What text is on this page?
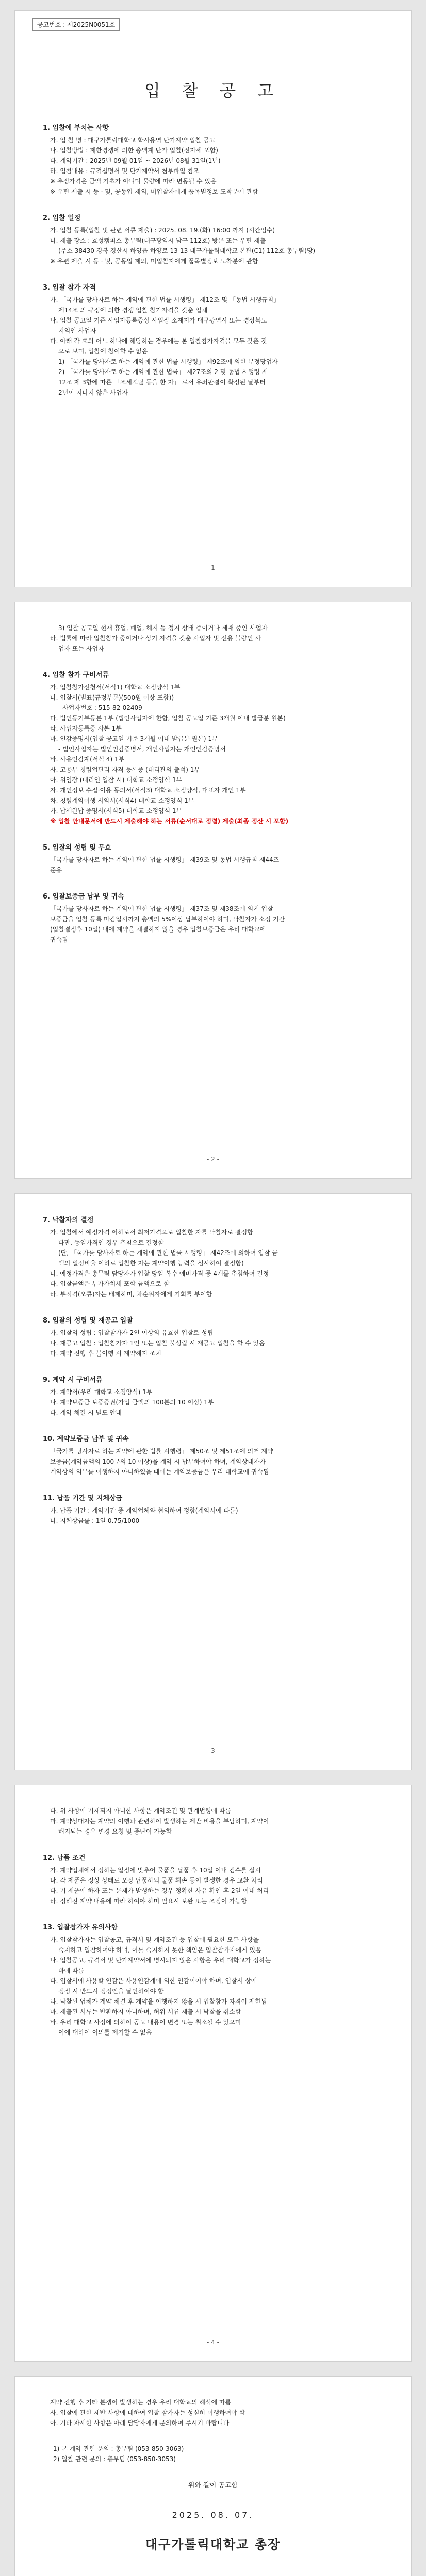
공고번호 : 제2025N0051호
입 찰 공 고
1. 입찰에 부치는 사항
가. 입 찰 명 : 대구가톨릭대학교 학사용역 단가계약 입찰 공고
나. 입찰방법 : 제한경쟁에 의한 총액계 단가 입찰(전자세 포함)
다. 계약기간 : 2025년 09월 01일 ~ 2026년 08월 31일(1년)
라. 입찰내용 : 규격설명서 및 단가계약서 첨부파일 참조
※ 추정가격은 금액 기초가 아니며 물량에 따라 변동될 수 있음
※ 우편 제출 시 등 · 및, 공동입 제외, 미입찰자에게 품목별정보 도착분에 관함
2. 입찰 일정
가. 입찰 등록(입찰 및 관련 서류 제출) : 2025. 08. 19.(화) 16:00 까지 (시간엄수)
나. 제출 장소 : 효성캠퍼스 총무팀(대구광역시 남구 112호) 방문 또는 우편 제출
(주소 38430 경북 경산시 하양읍 하양로 13-13 대구가톨릭대학교 본관(C1) 112호 총무팀(당)
※ 우편 제출 시 등 · 및, 공동입 제외, 미입찰자에게 품목별정보 도착분에 관함
3. 입찰 참가 자격
가. 「국가를 당사자로 하는 계약에 관한 법률 시행령」 제12조 및 「동법 시행규칙」
제14조 의 규정에 의한 경쟁 입찰 참가자격을 갖춘 업체
나. 입찰 공고일 기준 사업자등록증상 사업장 소재지가 대구광역시 또는 경상북도
지역인 사업자
다. 아래 각 호의 어느 하나에 해당하는 경우에는 본 입찰참가자격을 모두 갖춘 것
으로 보며, 입찰에 참여할 수 없음
1) 「국가를 당사자로 하는 계약에 관한 법률 시행령」 제92조에 의한 부정당업자
2) 「국가를 당사자로 하는 계약에 관한 법률」 제27조의 2 및 동법 시행령 제
12조 제 3항에 따른 「조세포탈 등을 한 자」 로서 유죄판결이 확정된 날부터
2년이 지나지 않은 사업자
- 1 -
3) 입찰 공고일 현재 휴업, 폐업, 해지 등 정지 상태 중이거나 제재 중인 사업자
라. 법률에 따라 입찰참가 중이거나 상기 자격을 갖춘 사업자 및 신용 불량인 사
업자 또는 사업자
4. 입찰 참가 구비서류
가. 입찰참가신청서(서식1) 대학교 소정양식 1부
나. 입찰서(별표(규정부문)(500원 이상 포함))
- 사업자번호 : 515-82-02409
다. 법인등기부등본 1부 (법인사업자에 한함, 입찰 공고일 기준 3개월 이내 발급분 원본)
라. 사업자등록증 사본 1부
마. 인감증명서(입찰 공고일 기준 3개월 이내 발급분 원본) 1부
- 법인사업자는 법인인감증명서, 개인사업자는 개인인감증명서
바. 사용인감계(서식 4) 1부
사. 고용부 청렴업관리 자격 등록증 (대리관의 출석) 1부
아. 위임장 (대리인 입찰 시) 대학교 소정양식 1부
자. 개인정보 수집·이용 동의서(서식3) 대학교 소정양식, 대표자 개인 1부
차. 청렴계약이행 서약서(서식4) 대학교 소정양식 1부
카. 납세완납 증명서(서식5) 대학교 소정양식 1부
※ 입찰 안내문서에 반드시 제출해야 하는 서류(순서대로 정렬) 제출(최종 정산 시 포함)
5. 입찰의 성립 및 무효
「국가를 당사자로 하는 계약에 관한 법률 시행령」 제39조 및 동법 시행규칙 제44조
준용
6. 입찰보증금 납부 및 귀속
「국가를 당사자로 하는 계약에 관한 법률 시행령」 제37조 및 제38조에 의거 입찰
보증금을 입찰 등록 마감일시까지 총액의 5%이상 납부하여야 하며, 낙찰자가 소정 기간
(입찰결정후 10일) 내에 계약을 체결하지 않을 경우 입찰보증금은 우리 대학교에
귀속됨
- 2 -
7. 낙찰자의 결정
가. 입찰에서 예정가격 이하로서 최저가격으로 입찰한 자를 낙찰자로 결정함
다만, 동일가격인 경우 추첨으로 결정함
(단, 「국가를 당사자로 하는 계약에 관한 법률 시행령」 제42조에 의하여 입찰 금
액의 일정비율 이하로 입찰한 자는 계약이행 능력을 심사하여 결정함)
나. 예정가격은 총무팀 담당자가 입찰 당일 복수 예비가격 중 4개를 추첨하여 결정
다. 입찰금액은 부가가치세 포함 금액으로 함
라. 부적격(오류)자는 배제하며, 차순위자에게 기회를 부여함
8. 입찰의 성립 및 재공고 입찰
가. 입찰의 성립 : 입찰참가자 2인 이상의 유효한 입찰로 성립
나. 재공고 입찰 : 입찰참가자 1인 또는 입찰 불성립 시 재공고 입찰을 할 수 있음
다. 계약 진행 후 불이행 시 계약해지 조치
9. 계약 시 구비서류
가. 계약서(우리 대학교 소정양식) 1부
나. 계약보증금 보증증권(가입 금액의 100분의 10 이상) 1부
다. 계약 체결 시 별도 안내
10. 계약보증금 납부 및 귀속
「국가를 당사자로 하는 계약에 관한 법률 시행령」 제50조 및 제51조에 의거 계약
보증금(계약금액의 100분의 10 이상)을 계약 시 납부하여야 하며, 계약상대자가
계약상의 의무를 이행하지 아니하였을 때에는 계약보증금은 우리 대학교에 귀속됨
11. 납품 기간 및 지체상금
가. 납품 기간 : 계약기간 중 계약업체와 협의하여 정함(계약서에 따름)
나. 지체상금률 : 1일 0.75/1000
- 3 -
다. 위 사항에 기재되지 아니한 사항은 계약조건 및 관계법령에 따름
마. 계약상대자는 계약의 이행과 관련하여 발생하는 제반 비용을 부담하며, 계약이
해지되는 경우 변경 요청 및 중단이 가능함
12. 납품 조건
가. 계약업체에서 정하는 일정에 맞추어 물품을 납품 후 10일 이내 검수를 실시
나. 각 제품은 정상 상태로 포장 납품하되 물품 훼손 등이 발생한 경우 교환 처리
다. 기 제품에 하자 또는 문제가 발생하는 경우 정확한 사유 확인 후 2일 이내 처리
라. 정해진 계약 내용에 따라 하여야 하며 필요시 보완 또는 조정이 가능함
13. 입찰참가자 유의사항
가. 입찰참가자는 입찰공고, 규격서 및 계약조건 등 입찰에 필요한 모든 사항을
숙지하고 입찰하여야 하며, 이를 숙지하지 못한 책임은 입찰참가자에게 있음
나. 입찰공고, 규격서 및 단가계약서에 명시되지 않은 사항은 우리 대학교가 정하는
바에 따름
다. 입찰서에 사용할 인감은 사용인감계에 의한 인감이어야 하며, 입찰서 상에
정정 시 반드시 정정인을 날인하여야 함
라. 낙찰된 업체가 계약 체결 후 계약을 이행하지 않을 시 입찰참가 자격이 제한됨
마. 제출된 서류는 반환하지 아니하며, 허위 서류 제출 시 낙찰을 취소함
바. 우리 대학교 사정에 의하여 공고 내용이 변경 또는 취소될 수 있으며
이에 대하여 이의를 제기할 수 없음
- 4 -
계약 진행 후 기타 분쟁이 발생하는 경우 우리 대학교의 해석에 따름
사. 입찰에 관한 제반 사항에 대하여 입찰 참가자는 성실히 이행하여야 함
아. 기타 자세한 사항은 아래 담당자에게 문의하여 주시기 바랍니다
1) 본 계약 관련 문의 : 총무팀 (053-850-3063)
2) 입찰 관련 문의 : 총무팀 (053-850-3053)
위와 같이 공고함
2025. 08. 07.
대구가톨릭대학교 총장
